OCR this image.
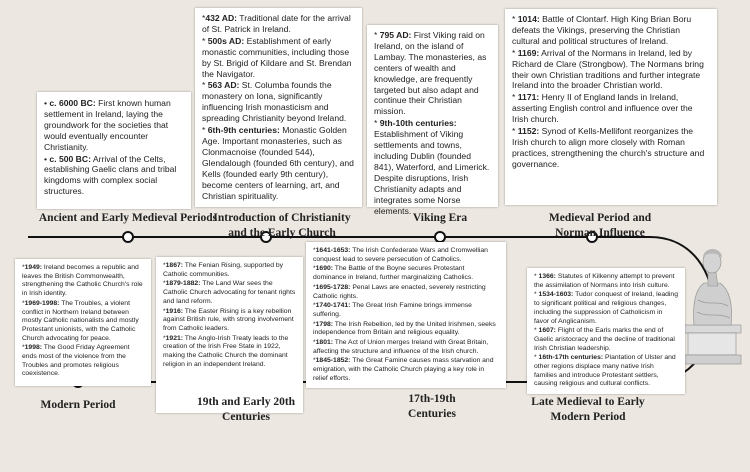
• c. 6000 BC: First known human settlement in Ireland, laying the groundwork for the societies that would eventually encounter Christianity.
• c. 500 BC: Arrival of the Celts, establishing Gaelic clans and tribal kingdoms with complex social structures.
*432 AD: Traditional date for the arrival of St. Patrick in Ireland.
* 500s AD: Establishment of early monastic communities, including those by St. Brigid of Kildare and St. Brendan the Navigator.
* 563 AD: St. Columba founds the monastery on Iona, significantly influencing Irish monasticism and spreading Christianity beyond Ireland.
* 6th-9th centuries: Monastic Golden Age. Important monasteries, such as Clonmacnoise (founded 544), Glendalough (founded 6th century), and Kells (founded early 9th century), become centers of learning, art, and Christian spirituality.
* 795 AD: First Viking raid on Ireland, on the island of Lambay. The monasteries, as centers of wealth and knowledge, are frequently targeted but also adapt and continue their Christian mission.
* 9th-10th centuries: Establishment of Viking settlements and towns, including Dublin (founded 841), Waterford, and Limerick. Despite disruptions, Irish Christianity adapts and integrates some Norse elements.
* 1014: Battle of Clontarf. High King Brian Boru defeats the Vikings, preserving the Christian cultural and political structures of Ireland.
* 1169: Arrival of the Normans in Ireland, led by Richard de Clare (Strongbow). The Normans bring their own Christian traditions and further integrate Ireland into the broader Christian world.
* 1171: Henry II of England lands in Ireland, asserting English control and influence over the Irish church.
* 1152: Synod of Kells-Mellifont reorganizes the Irish church to align more closely with Roman practices, strengthening the church's structure and governance.
Ancient and Early Medieval Periods
Introduction of Christianity and the Early Church
Viking Era	Medieval Period and Norman Influence
*1949: Ireland becomes a republic and leaves the British Commonwealth, strengthening the Catholic Church's role in Irish identity.
*1969-1998: The Troubles, a violent conflict in Northern Ireland between mostly Catholic nationalists and mostly Protestant unionists, with the Catholic Church advocating for peace.
*1998: The Good Friday Agreement ends most of the violence from the Troubles and promotes religious coexistence.
*1867: The Fenian Rising, supported by Catholic communities.
*1879-1882: The Land War sees the Catholic Church advocating for tenant rights and land reform.
*1916: The Easter Rising is a key rebellion against British rule, with strong involvement from Catholic leaders.
*1921: The Anglo-Irish Treaty leads to the creation of the Irish Free State in 1922, making the Catholic Church the dominant religion in an independent Ireland.
*1641-1653: The Irish Confederate Wars and Cromwellian conquest lead to severe persecution of Catholics.
*1690: The Battle of the Boyne secures Protestant dominance in Ireland, further marginalizing Catholics.
*1695-1728: Penal Laws are enacted, severely restricting Catholic rights.
*1740-1741: The Great Irish Famine brings immense suffering.
*1798: The Irish Rebellion, led by the United Irishmen, seeks independence from Britain and religious equality.
*1801: The Act of Union merges Ireland with Great Britain, affecting the structure and influence of the Irish church.
*1845-1852: The Great Famine causes mass starvation and emigration, with the Catholic Church playing a key role in relief efforts.
* 1366: Statutes of Kilkenny attempt to prevent the assimilation of Normans into Irish culture.
* 1534-1603: Tudor conquest of Ireland, leading to significant political and religious changes, including the suppression of Catholicism in favor of Anglicanism.
* 1607: Flight of the Earls marks the end of Gaelic aristocracy and the decline of traditional Irish Christian leadership.
* 16th-17th centuries: Plantation of Ulster and other regions displace many native Irish families and introduce Protestant settlers, causing religious and cultural conflicts.
Modern Period	19th and Early 20th Centuries
17th-19th Centuries
Late Medieval to Early Modern Period
